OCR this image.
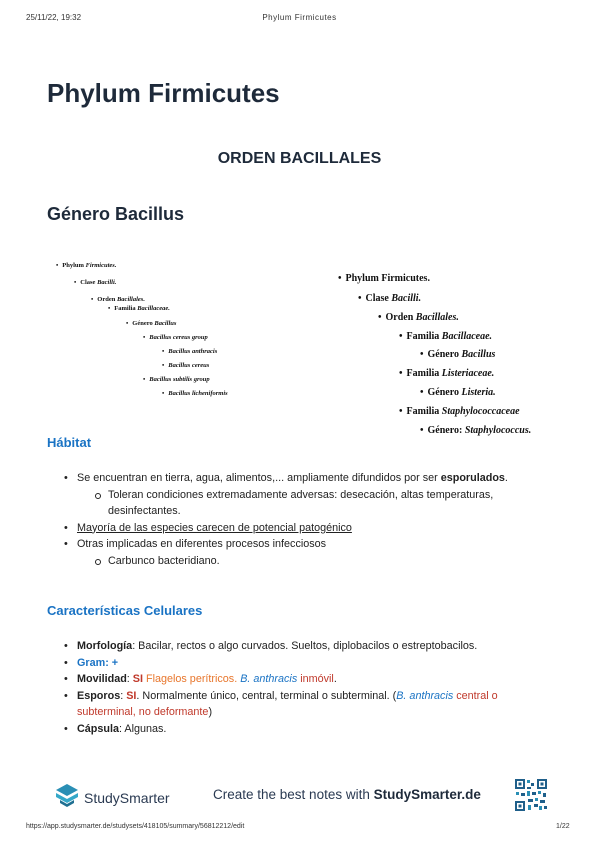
25/11/22, 19:32	Phylum Firmicutes
Phylum Firmicutes
ORDEN BACILLALES
Género Bacillus
• Phylum Firmicutes.
• Clase Bacilli.
• Orden Bacillales.
• Familia Bacillaceae.
• Género Bacillus
• Bacillus cereus group
• Bacillus anthracis
• Bacillus cereus
• Bacillus subtilis group
• Bacillus licheniformis
• Phylum Firmicutes.
• Clase Bacilli.
• Orden Bacillales.
• Familia Bacillaceae.
• Género Bacillus
• Familia Listeriaceae.
• Género Listeria.
• Familia Staphylococcaceae
• Género: Staphylococcus.
Hábitat
• Se encuentran en tierra, agua, alimentos,... ampliamente difundidos por ser esporulados.
Toleran condiciones extremadamente adversas: desecación, altas temperaturas, desinfectantes.
• Mayoría de las especies carecen de potencial patogénico
• Otras implicadas en diferentes procesos infecciosos
Carbunco bacteridiano.
Características Celulares
• Morfología: Bacilar, rectos o algo curvados. Sueltos, diplobacilos o estreptobacilos.
• Gram: +
• Movilidad: SI Flagelos perítricos. B. anthracis inmóvil.
• Esporos: SI. Normalmente único, central, terminal o subterminal. (B. anthracis central o subterminal, no deformante)
• Cápsula: Algunas.
StudySmarter	Create the best notes with StudySmarter.de
https://app.studysmarter.de/studysets/418105/summary/56812212/edit	1/22
